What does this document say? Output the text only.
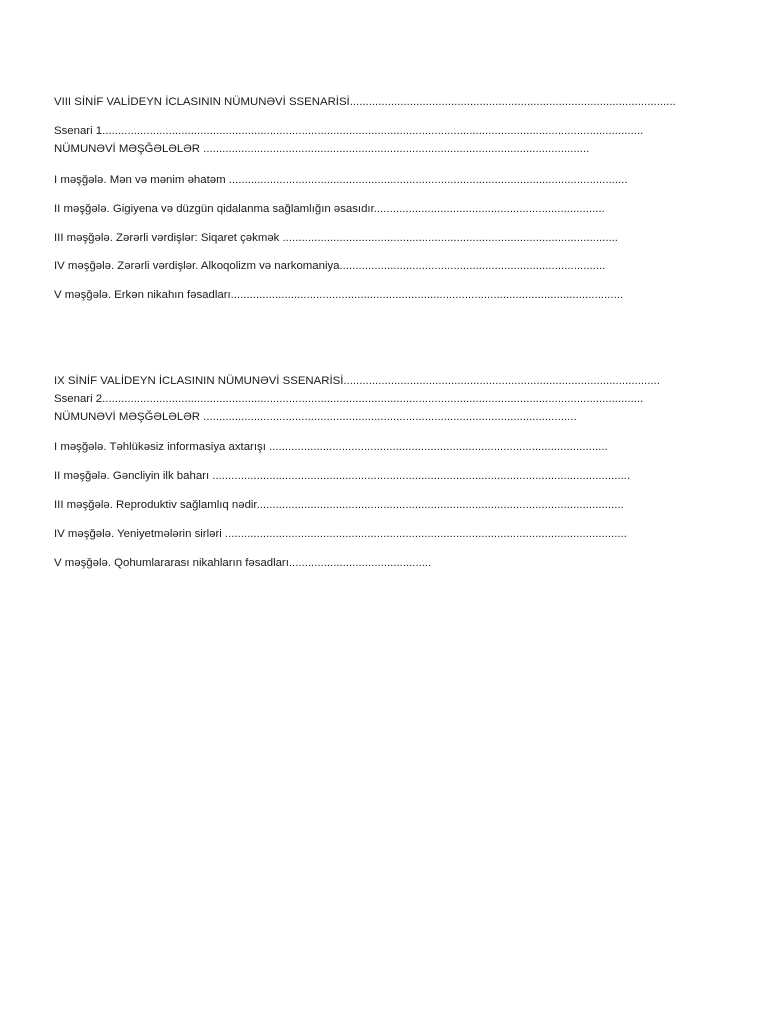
VIII SİNİF VALİDEYN İCLASININ NÜMUNƏVİ SSENARİSİ.......................................................................................................
Ssenari 1...........................................................................................................................................................................
NÜMUNƏVİ MƏŞĞƏLƏLƏR ..........................................................................................................................
I məşğələ. Mən və mənim əhatəm ..............................................................................................................................
II məşğələ. Gigiyena və düzgün qidalanma sağlamlığın əsasıdır.........................................................................
III məşğələ. Zərərli vərdişlər: Siqaret çəkmək ..........................................................................................................
IV məşğələ. Zərərli vərdişlər. Alkoqolizm və narkomaniya....................................................................................
V məşğələ. Erkən nikahın fəsadları............................................................................................................................
IX SİNİF VALİDEYN İCLASININ NÜMUNƏVİ SSENARİSİ....................................................................................................
Ssenari 2...........................................................................................................................................................................
NÜMUNƏVİ MƏŞĞƏLƏLƏR ......................................................................................................................
I məşğələ. Təhlükəsiz informasiya axtarışı ...........................................................................................................
II məşğələ. Gəncliyin ilk baharı ....................................................................................................................................
III məşğələ. Reproduktiv sağlamlıq nədir....................................................................................................................
IV məşğələ. Yeniyetmələrin sirləri ...............................................................................................................................
V məşğələ. Qohumlararası nikahların fəsadları.............................................
